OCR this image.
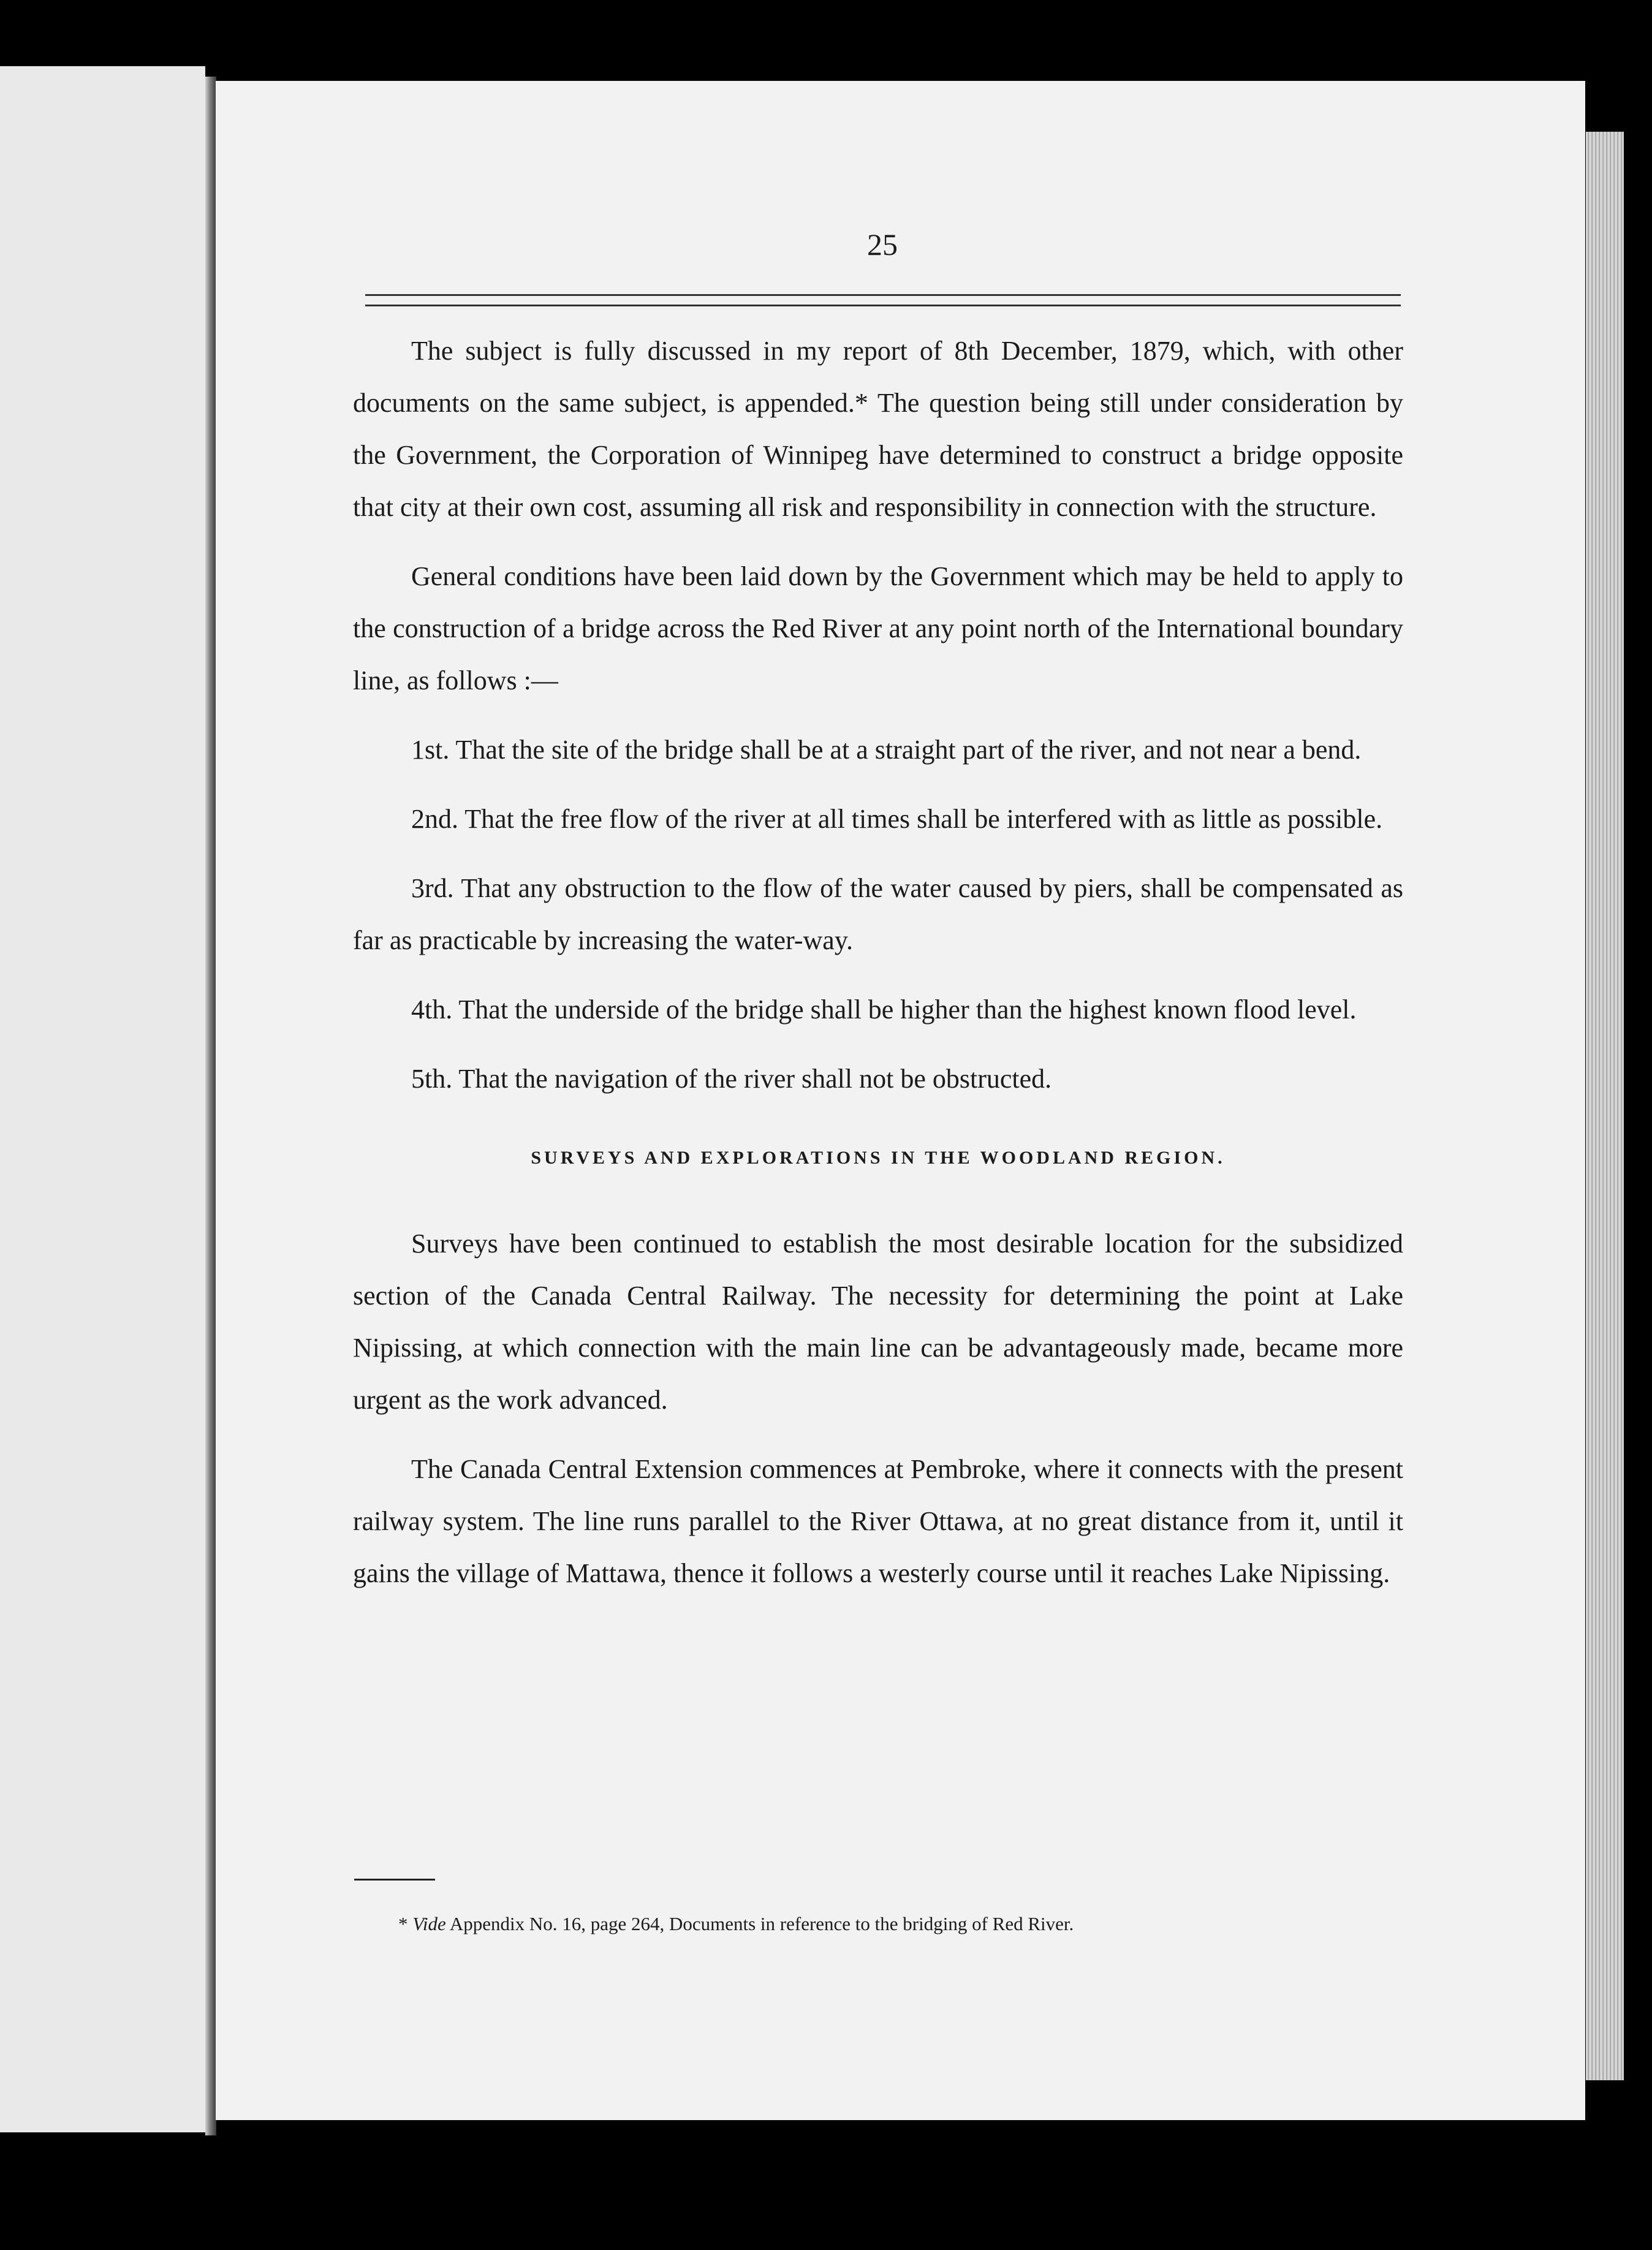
25

The subject is fully discussed in my report of 8th December, 1879, which, with other documents on the same subject, is appended.* The question being still under consideration by the Government, the Corporation of Winnipeg have determined to construct a bridge opposite that city at their own cost, assuming all risk and responsibility in connection with the structure.

General conditions have been laid down by the Government which may be held to apply to the construction of a bridge across the Red River at any point north of the International boundary line, as follows :—

1st. That the site of the bridge shall be at a straight part of the river, and not near a bend.

2nd. That the free flow of the river at all times shall be interfered with as little as possible.

3rd. That any obstruction to the flow of the water caused by piers, shall be compensated as far as practicable by increasing the water-way.

4th. That the underside of the bridge shall be higher than the highest known flood level.

5th. That the navigation of the river shall not be obstructed.

SURVEYS AND EXPLORATIONS IN THE WOODLAND REGION.

Surveys have been continued to establish the most desirable location for the subsidized section of the Canada Central Railway. The necessity for determining the point at Lake Nipissing, at which connection with the main line can be advantageously made, became more urgent as the work advanced.

The Canada Central Extension commences at Pembroke, where it connects with the present railway system. The line runs parallel to the River Ottawa, at no great distance from it, until it gains the village of Mattawa, thence it follows a westerly course until it reaches Lake Nipissing.

* Vide Appendix No. 16, page 264, Documents in reference to the bridging of Red River.
